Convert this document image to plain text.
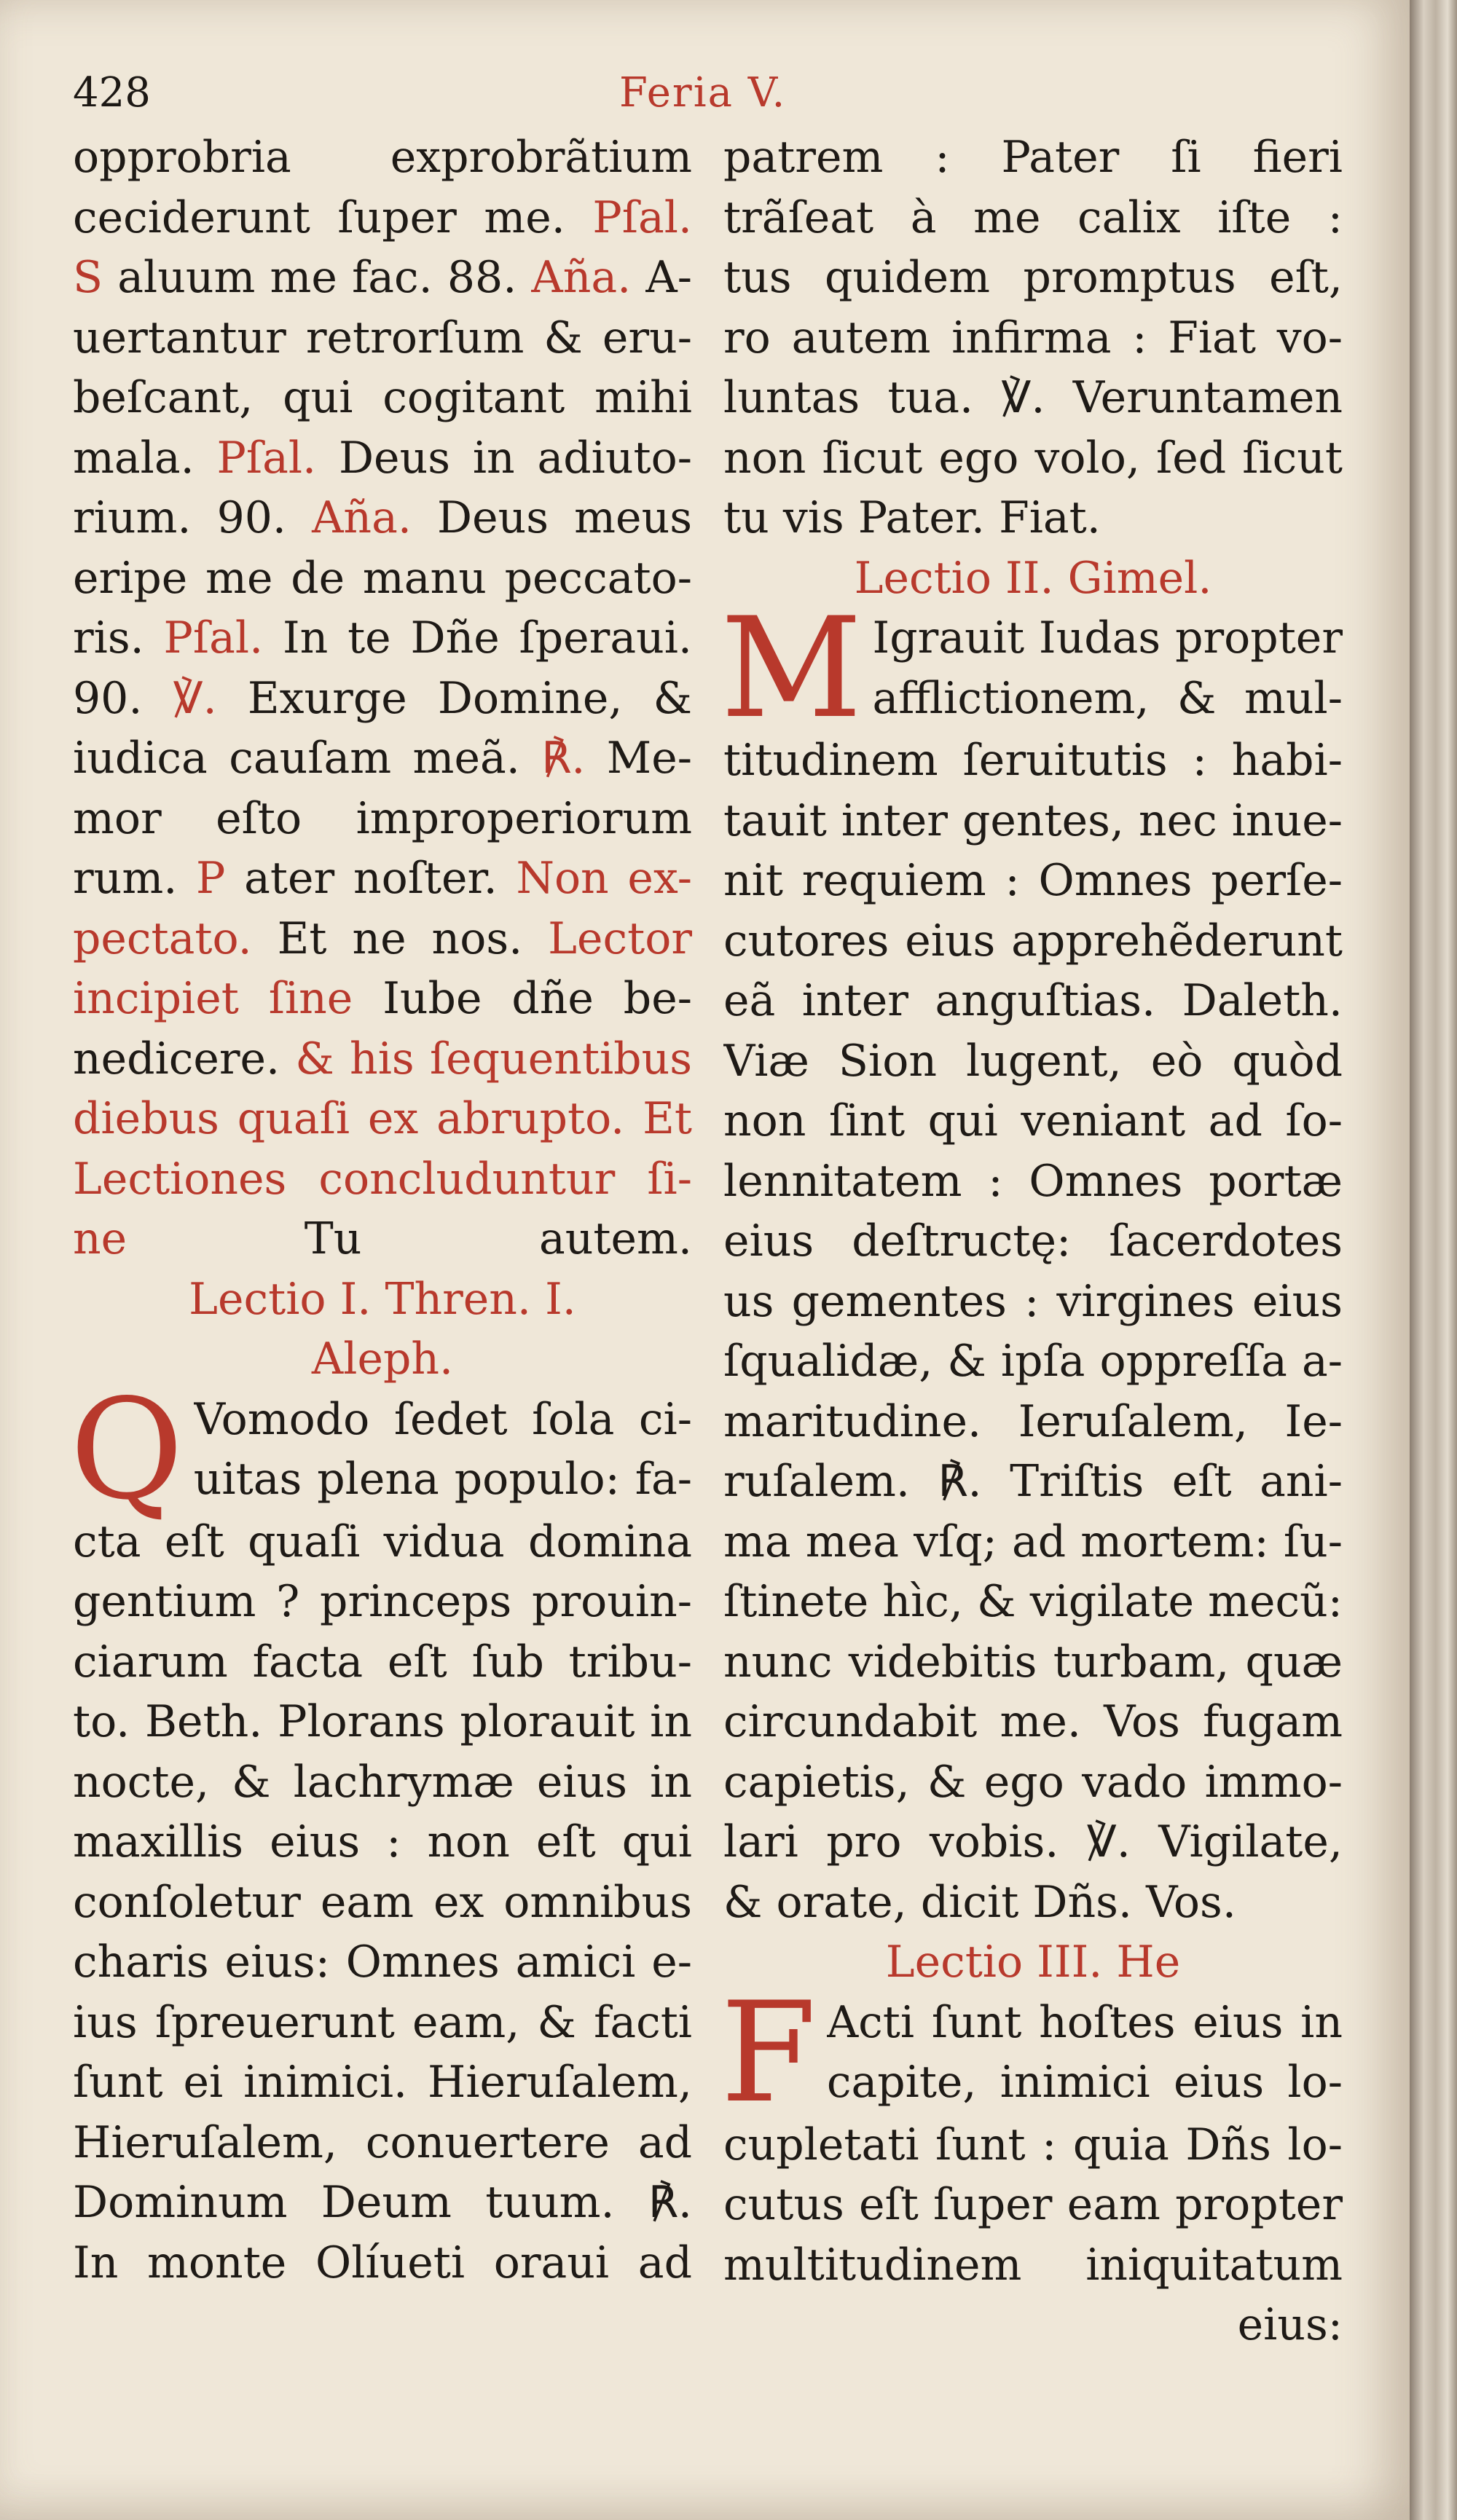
428	Feria V.
opprobria exprobrãtium
ceciderunt ſuper me. Pſal.
S aluum me fac. 88. Añа. A-
uertantur retrorſum & eru-
beſcant, qui cogitant mihi
mala. Pſal. Deus in adiuto-
rium. 90. Añа. Deus meus
eripe me de manu peccato-
ris. Pſal. In te Dñe ſperaui.
90. ℣. Exurge Domine, &
iudica cauſam meã. ℟. Me-
mor eſto improperiorum
rum. P ater noſter. Non ex-
pectato. Et ne nos. Lector
incipiet ſine Iube dñe be-
nedicere. & his ſequentibus
diebus quaſi ex abrupto. Et
Lectiones concluduntur ſi-
ne Tu autem.
Lectio I. Thren. I.
Aleph.
Q Vomodo ſedet ſola ci-
uitas plena populo: fa-
cta eſt quaſi vidua domina
gentium ? princeps prouin-
ciarum facta eſt ſub tribu-
to. Beth. Plorans plorauit in
nocte, & lachrymæ eius in
maxillis eius : non eſt qui
conſoletur eam ex omnibus
charis eius: Omnes amici e-
ius ſpreuerunt eam, & facti
ſunt ei inimici. Hieruſalem,
Hieruſalem, conuertere ad
Dominum Deum tuum. ℟.
In monte Olíueti oraui ad
patrem : Pater ſi fieri
trãſeat à me calix iſte :
tus quidem promptus eſt,
ro autem infirma : Fiat vo-
luntas tua. ℣. Veruntamen
non ſicut ego volo, ſed ſicut
tu vis Pater. Fiat.
Lectio II. Gimel.
M Igrauit Iudas propter
afflictionem, & mul-
titudinem ſeruitutis : habi-
tauit inter gentes, nec inue-
nit requiem : Omnes perſe-
cutores eius apprehẽderunt
eã inter anguſtias. Daleth.
Viæ Sion lugent, eò quòd
non ſint qui veniant ad ſo-
lennitatem : Omnes portæ
eius deſtructę: ſacerdotes
us gementes : virgines eius
ſqualidæ, & ipſa oppreſſa a-
maritudine. Ieruſalem, Ie-
ruſalem. ℟. Triſtis eſt ani-
ma mea vſq; ad mortem: ſu-
ſtinete hìc, & vigilate mecũ:
nunc videbitis turbam, quæ
circundabit me. Vos fugam
capietis, & ego vado immo-
lari pro vobis. ℣. Vigilate,
& orate, dicit Dñs. Vos.
Lectio III. He
F Acti ſunt hoſtes eius in
capite, inimici eius lo-
cupletati ſunt : quia Dñs lo-
cutus eſt ſuper eam propter
multitudinem iniquitatum
eius:
